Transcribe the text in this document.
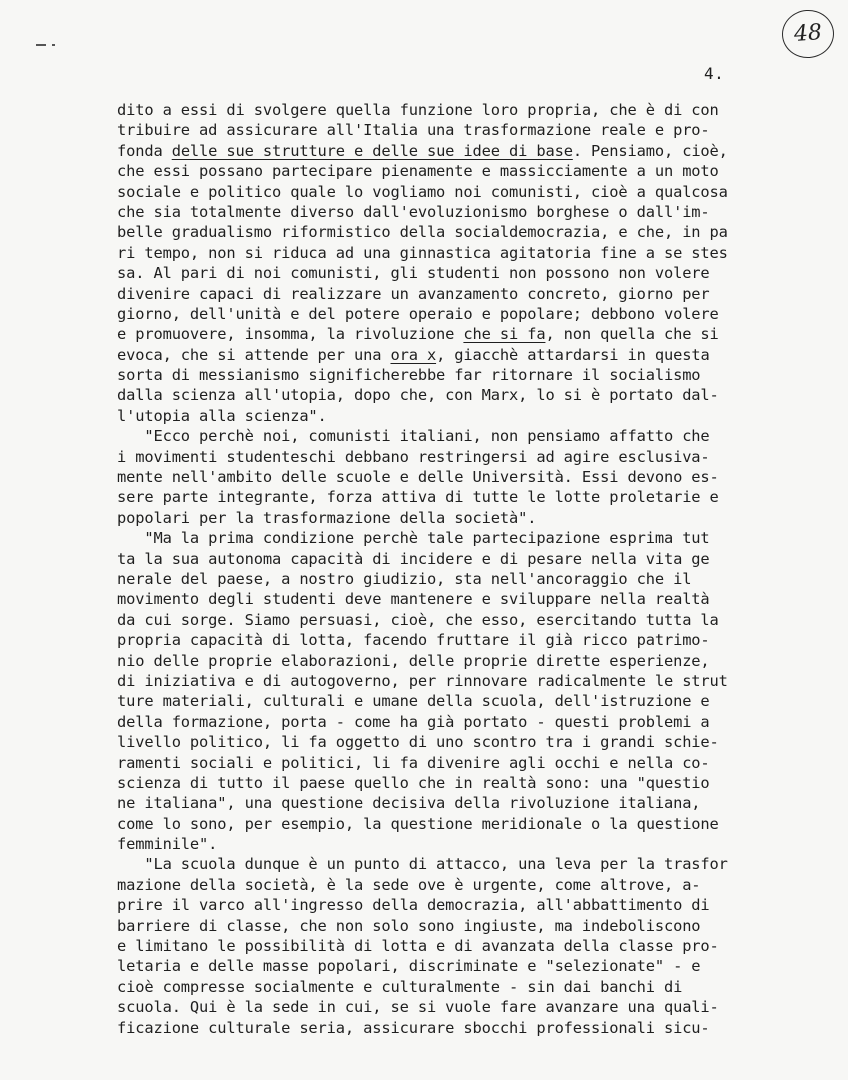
48
4.
dito a essi di svolgere quella funzione loro propria, che è di con
tribuire ad assicurare all'Italia una trasformazione reale e pro-
fonda delle sue strutture e delle sue idee di base. Pensiamo, cioè,
che essi possano partecipare pienamente e massicciamente a un moto
sociale e politico quale lo vogliamo noi comunisti, cioè a qualcosa
che sia totalmente diverso dall'evoluzionismo borghese o dall'im-
belle gradualismo riformistico della socialdemocrazia, e che, in pa
ri tempo, non si riduca ad una ginnastica agitatoria fine a se stes
sa. Al pari di noi comunisti, gli studenti non possono non volere
divenire capaci di realizzare un avanzamento concreto, giorno per
giorno, dell'unità e del potere operaio e popolare; debbono volere
e promuovere, insomma, la rivoluzione che si fa, non quella che si
evoca, che si attende per una ora x, giacchè attardarsi in questa
sorta di messianismo significherebbe far ritornare il socialismo
dalla scienza all'utopia, dopo che, con Marx, lo si è portato dal-
l'utopia alla scienza".
"Ecco perchè noi, comunisti italiani, non pensiamo affatto che
i movimenti studenteschi debbano restringersi ad agire esclusiva-
mente nell'ambito delle scuole e delle Università. Essi devono es-
sere parte integrante, forza attiva di tutte le lotte proletarie e
popolari per la trasformazione della società".
"Ma la prima condizione perchè tale partecipazione esprima tut
ta la sua autonoma capacità di incidere e di pesare nella vita ge
nerale del paese, a nostro giudizio, sta nell'ancoraggio che il
movimento degli studenti deve mantenere e sviluppare nella realtà
da cui sorge. Siamo persuasi, cioè, che esso, esercitando tutta la
propria capacità di lotta, facendo fruttare il già ricco patrimo-
nio delle proprie elaborazioni, delle proprie dirette esperienze,
di iniziativa e di autogoverno, per rinnovare radicalmente le strut
ture materiali, culturali e umane della scuola, dell'istruzione e
della formazione, porta - come ha già portato - questi problemi a
livello politico, li fa oggetto di uno scontro tra i grandi schie-
ramenti sociali e politici, li fa divenire agli occhi e nella co-
scienza di tutto il paese quello che in realtà sono: una "questio
ne italiana", una questione decisiva della rivoluzione italiana,
come lo sono, per esempio, la questione meridionale o la questione
femminile".
"La scuola dunque è un punto di attacco, una leva per la trasfor
mazione della società, è la sede ove è urgente, come altrove, a-
prire il varco all'ingresso della democrazia, all'abbattimento di
barriere di classe, che non solo sono ingiuste, ma indeboliscono
e limitano le possibilità di lotta e di avanzata della classe pro-
letaria e delle masse popolari, discriminate e "selezionate" - e
cioè compresse socialmente e culturalmente - sin dai banchi di
scuola. Qui è la sede in cui, se si vuole fare avanzare una quali-
ficazione culturale seria, assicurare sbocchi professionali sicu-
